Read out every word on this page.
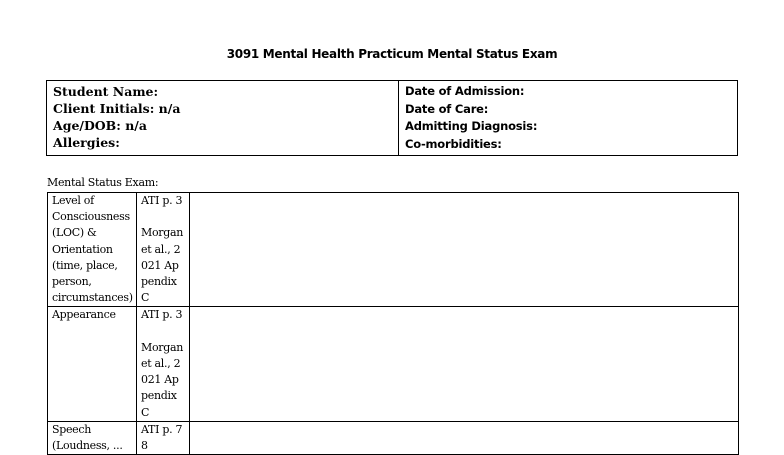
3091 Mental Health Practicum Mental Status Exam
Student Name:
Client Initials: n/a
Age/DOB: n/a
Allergies:

Date of Admission:
Date of Care:
Admitting Diagnosis:
Co-morbidities:
Mental Status Exam:
Level of Consciousness (LOC) & Orientation (time, place, person, circumstances)	ATI p. 3

Morgan et al., 2021 Appendix C	
Appearance	ATI p. 3

Morgan et al., 2021 Appendix C	
Speech (Loudness, ...	ATI p. 78	
